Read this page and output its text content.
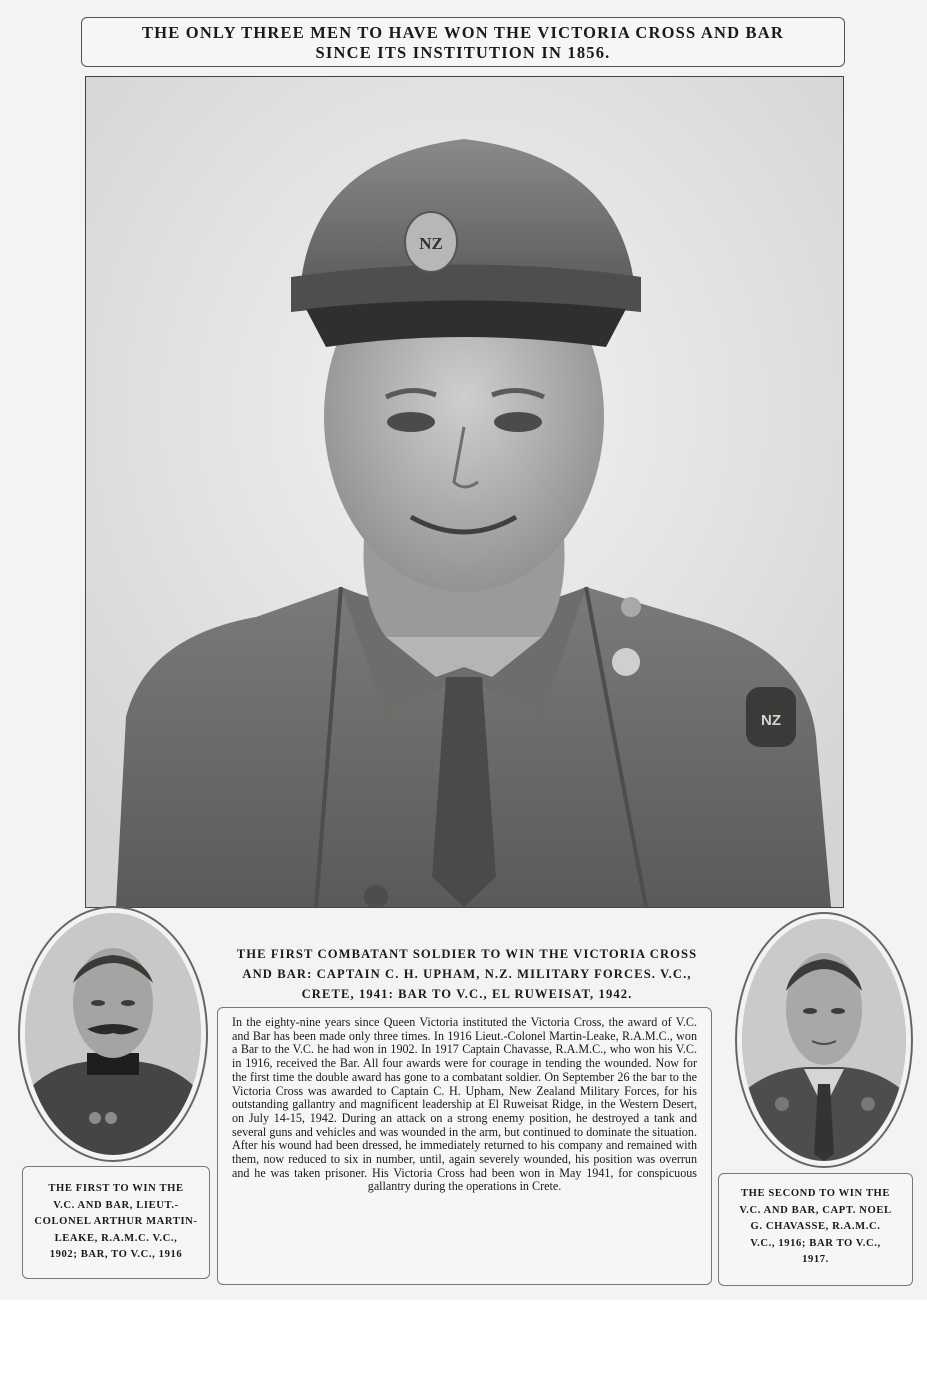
THE ONLY THREE MEN TO HAVE WON THE VICTORIA CROSS AND BAR
SINCE ITS INSTITUTION IN 1856.
NZ
NZ
THE FIRST COMBATANT SOLDIER TO WIN THE VICTORIA CROSS
AND BAR: CAPTAIN C. H. UPHAM, N.Z. MILITARY FORCES. V.C.,
CRETE, 1941: BAR TO V.C., EL RUWEISAT, 1942.
In the eighty-nine years since Queen Victoria instituted the Victoria Cross, the award of V.C. and Bar has been made only three times. In 1916 Lieut.-Colonel Martin-Leake, R.A.M.C., won a Bar to the V.C. he had won in 1902. In 1917 Captain Chavasse, R.A.M.C., who won his V.C. in 1916, received the Bar. All four awards were for courage in tending the wounded. Now for the first time the double award has gone to a combatant soldier. On September 26 the bar to the Victoria Cross was awarded to Captain C. H. Upham, New Zealand Military Forces, for his outstanding gallantry and magnificent leadership at El Ruweisat Ridge, in the Western Desert, on July 14-15, 1942. During an attack on a strong enemy position, he destroyed a tank and several guns and vehicles and was wounded in the arm, but continued to dominate the situation. After his wound had been dressed, he immediately returned to his company and remained with them, now reduced to six in number, until, again severely wounded, his position was overrun and he was taken prisoner. His Victoria Cross had been won in May 1941, for conspicuous gallantry during the operations in Crete.
THE FIRST TO WIN THE
V.C. AND BAR, LIEUT.-
COLONEL ARTHUR MARTIN-
LEAKE, R.A.M.C. V.C.,
1902; BAR, TO V.C., 1916
THE SECOND TO WIN THE
V.C. AND BAR, CAPT. NOEL
G. CHAVASSE, R.A.M.C.
V.C., 1916; BAR TO V.C.,
1917.
